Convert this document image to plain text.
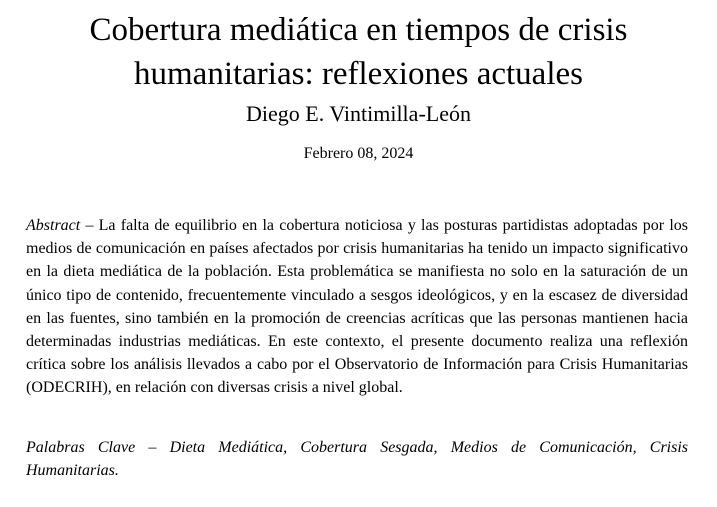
Cobertura mediática en tiempos de crisis
humanitarias: reflexiones actuales

Diego E. Vintimilla-León

Febrero 08, 2024

Abstract – La falta de equilibrio en la cobertura noticiosa y las posturas partidistas adoptadas por los medios de comunicación en países afectados por crisis humanitarias ha tenido un impacto significativo en la dieta mediática de la población. Esta problemática se manifiesta no solo en la saturación de un único tipo de contenido, frecuentemente vinculado a sesgos ideológicos, y en la escasez de diversidad en las fuentes, sino también en la promoción de creencias acríticas que las personas mantienen hacia determinadas industrias mediáticas. En este contexto, el presente documento realiza una reflexión crítica sobre los análisis llevados a cabo por el Observatorio de Información para Crisis Humanitarias (ODECRIH), en relación con diversas crisis a nivel global.

Palabras Clave – Dieta Mediática, Cobertura Sesgada, Medios de Comunicación, Crisis Humanitarias.
